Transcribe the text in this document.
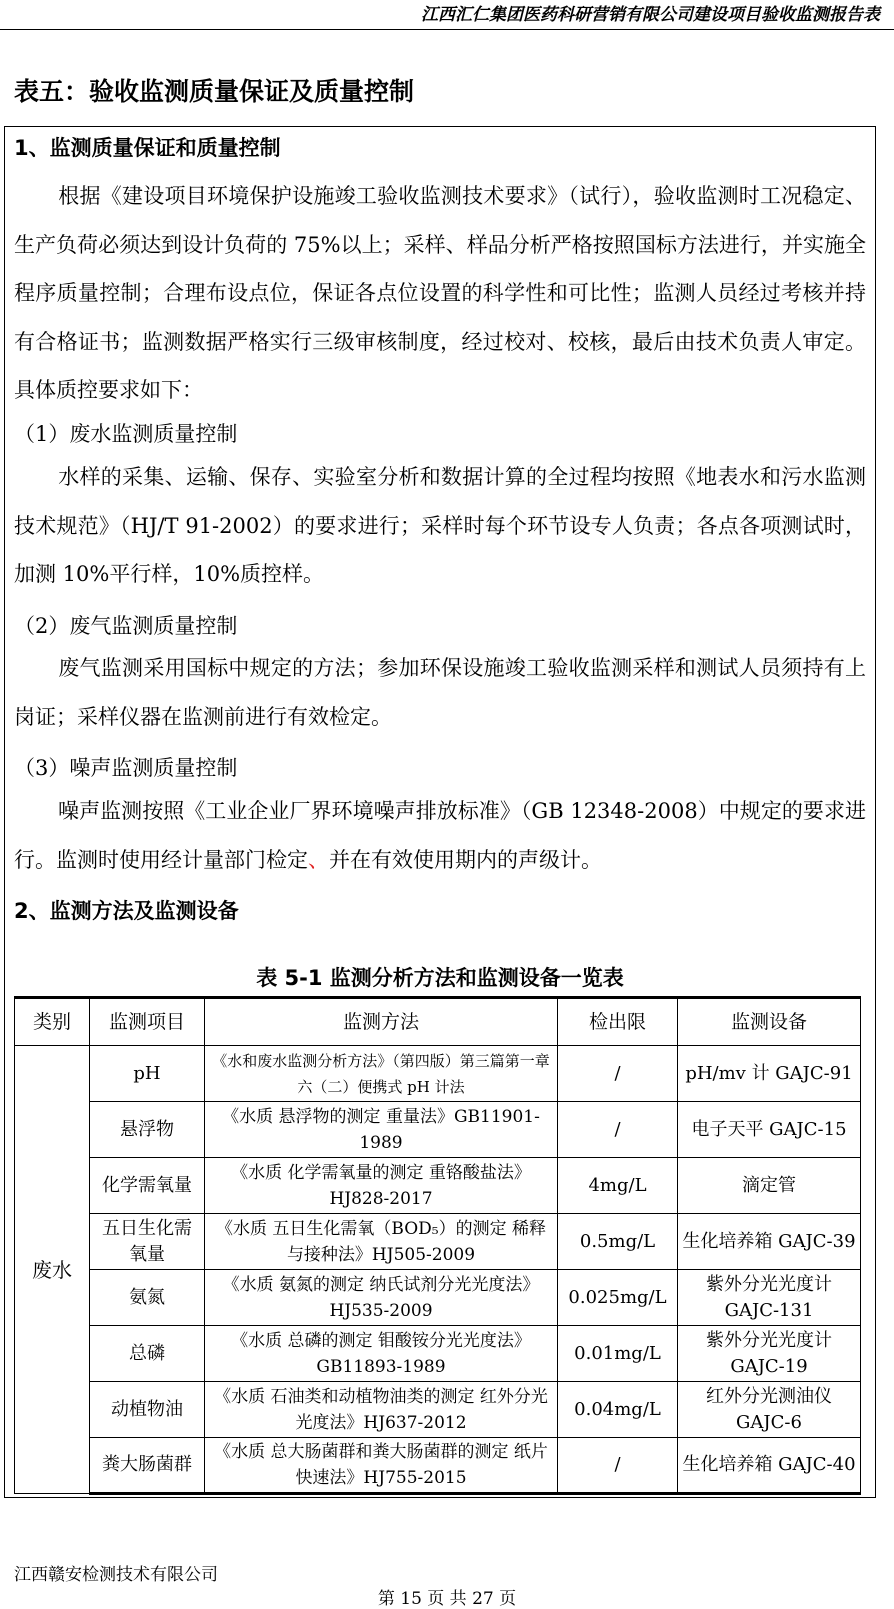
江西汇仁集团医药科研营销有限公司建设项目验收监测报告表
表五：验收监测质量保证及质量控制
1、监测质量保证和质量控制
根据《建设项目环境保护设施竣工验收监测技术要求》（试行），验收监测时工况稳定、生产负荷必须达到设计负荷的 75%以上；采样、样品分析严格按照国标方法进行，并实施全程序质量控制；合理布设点位，保证各点位设置的科学性和可比性；监测人员经过考核并持有合格证书；监测数据严格实行三级审核制度，经过校对、校核，最后由技术负责人审定。具体质控要求如下：
（1）废水监测质量控制
水样的采集、运输、保存、实验室分析和数据计算的全过程均按照《地表水和污水监测技术规范》（HJ/T 91-2002）的要求进行；采样时每个环节设专人负责；各点各项测试时，加测 10%平行样，10%质控样。
（2）废气监测质量控制
废气监测采用国标中规定的方法；参加环保设施竣工验收监测采样和测试人员须持有上岗证；采样仪器在监测前进行有效检定。
（3）噪声监测质量控制
噪声监测按照《工业企业厂界环境噪声排放标准》（GB 12348-2008）中规定的要求进行。监测时使用经计量部门检定、并在有效使用期内的声级计。
2、监测方法及监测设备
表 5-1 监测分析方法和监测设备一览表
类别	监测项目	监测方法	检出限	监测设备
废水	pH	《水和废水监测分析方法》（第四版）第三篇第一章六（二）便携式 pH 计法	/	pH/mv 计 GAJC-91
	悬浮物	《水质 悬浮物的测定 重量法》GB11901-1989	/	电子天平 GAJC-15
	化学需氧量	《水质 化学需氧量的测定 重铬酸盐法》HJ828-2017	4mg/L	滴定管
	五日生化需氧量	《水质 五日生化需氧（BOD₅）的测定 稀释与接种法》HJ505-2009	0.5mg/L	生化培养箱 GAJC-39
	氨氮	《水质 氨氮的测定 纳氏试剂分光光度法》HJ535-2009	0.025mg/L	紫外分光光度计 GAJC-131
	总磷	《水质 总磷的测定 钼酸铵分光光度法》GB11893-1989	0.01mg/L	紫外分光光度计 GAJC-19
	动植物油	《水质 石油类和动植物油类的测定 红外分光光度法》HJ637-2012	0.04mg/L	红外分光测油仪 GAJC-6
	粪大肠菌群	《水质 总大肠菌群和粪大肠菌群的测定 纸片快速法》HJ755-2015	/	生化培养箱 GAJC-40
江西赣安检测技术有限公司
第 15 页 共 27 页
